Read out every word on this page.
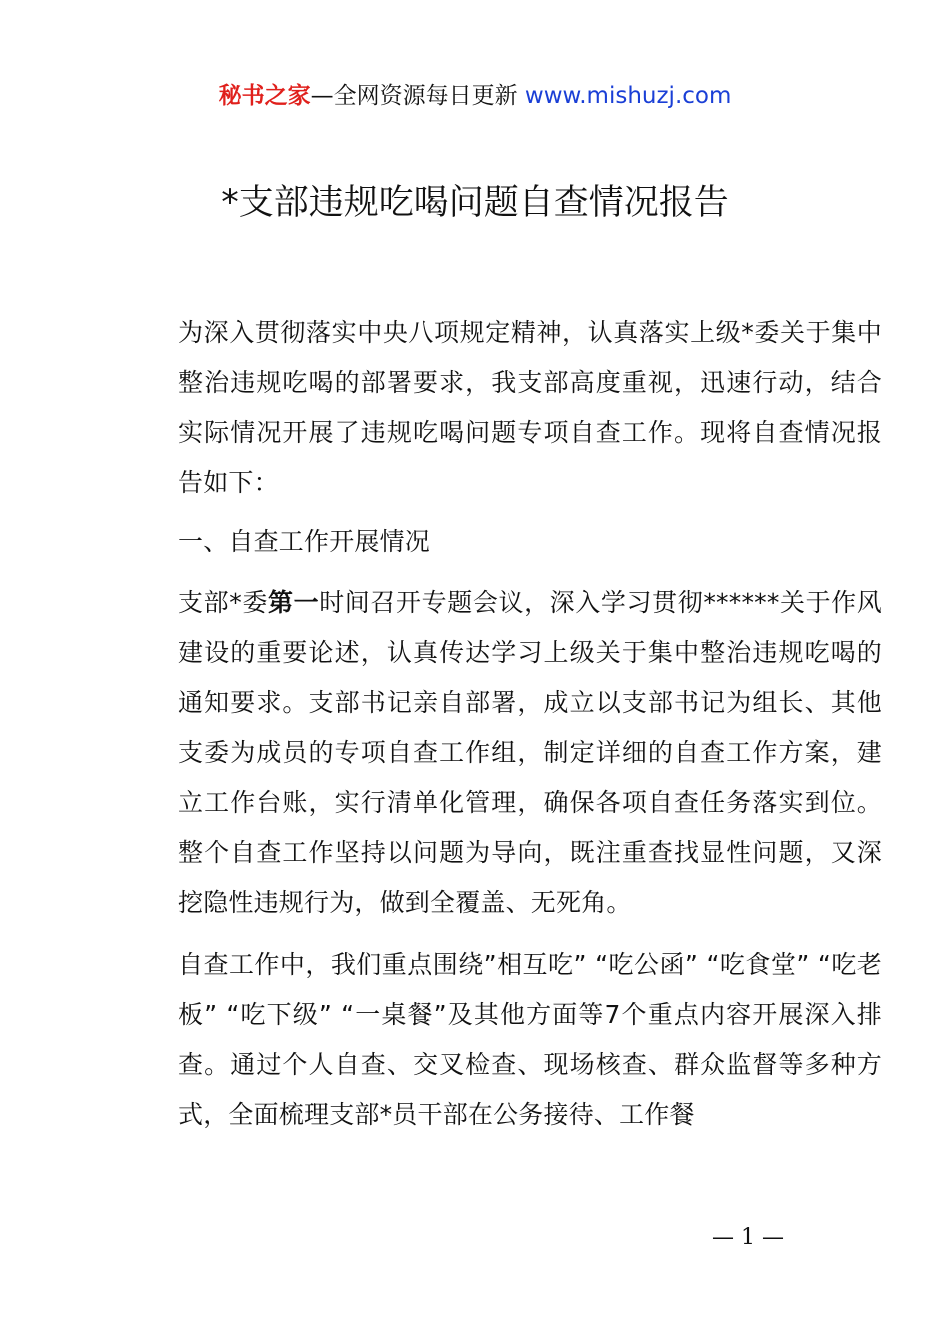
秘书之家—全网资源每日更新 www.mishuzj.com
*支部违规吃喝问题自查情况报告

为深入贯彻落实中央八项规定精神，认真落实上级*委关于集中整治违规吃喝的部署要求，我支部高度重视，迅速行动，结合实际情况开展了违规吃喝问题专项自查工作。现将自查情况报告如下：

一、自查工作开展情况

支部*委第一时间召开专题会议，深入学习贯彻******关于作风建设的重要论述，认真传达学习上级关于集中整治违规吃喝的通知要求。支部书记亲自部署，成立以支部书记为组长、其他支委为成员的专项自查工作组，制定详细的自查工作方案，建立工作台账，实行清单化管理，确保各项自查任务落实到位。整个自查工作坚持以问题为导向，既注重查找显性问题，又深挖隐性违规行为，做到全覆盖、无死角。

自查工作中，我们重点围绕”相互吃” “吃公函” “吃食堂” “吃老板” “吃下级” “一桌餐”及其他方面等7个重点内容开展深入排查。通过个人自查、交叉检查、现场核查、群众监督等多种方式，全面梳理支部*员干部在公务接待、工作餐

— 1 —
